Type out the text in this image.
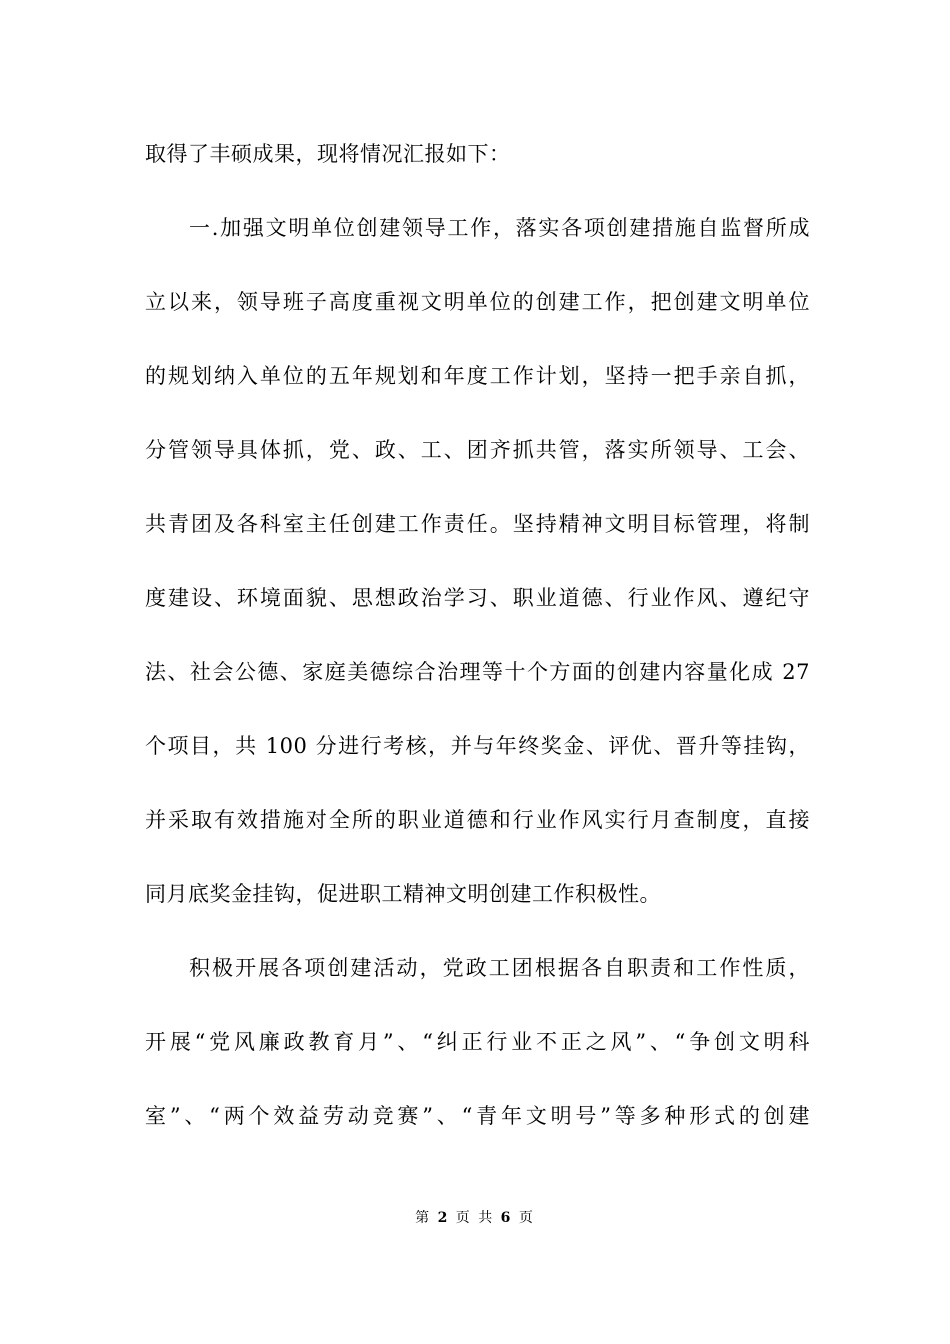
取得了丰硕成果，现将情况汇报如下：
一.加强文明单位创建领导工作，落实各项创建措施自监督所成
立以来，领导班子高度重视文明单位的创建工作，把创建文明单位
的规划纳入单位的五年规划和年度工作计划，坚持一把手亲自抓，
分管领导具体抓，党、政、工、团齐抓共管，落实所领导、工会、
共青团及各科室主任创建工作责任。坚持精神文明目标管理，将制
度建设、环境面貌、思想政治学习、职业道德、行业作风、遵纪守
法、社会公德、家庭美德综合治理等十个方面的创建内容量化成 27
个项目，共 100 分进行考核，并与年终奖金、评优、晋升等挂钩，
并采取有效措施对全所的职业道德和行业作风实行月查制度，直接
同月底奖金挂钩，促进职工精神文明创建工作积极性。
积极开展各项创建活动，党政工团根据各自职责和工作性质，
开展“党风廉政教育月”、“纠正行业不正之风”、“争创文明科
室”、“两个效益劳动竞赛”、“青年文明号”等多种形式的创建
第 2 页 共 6 页
